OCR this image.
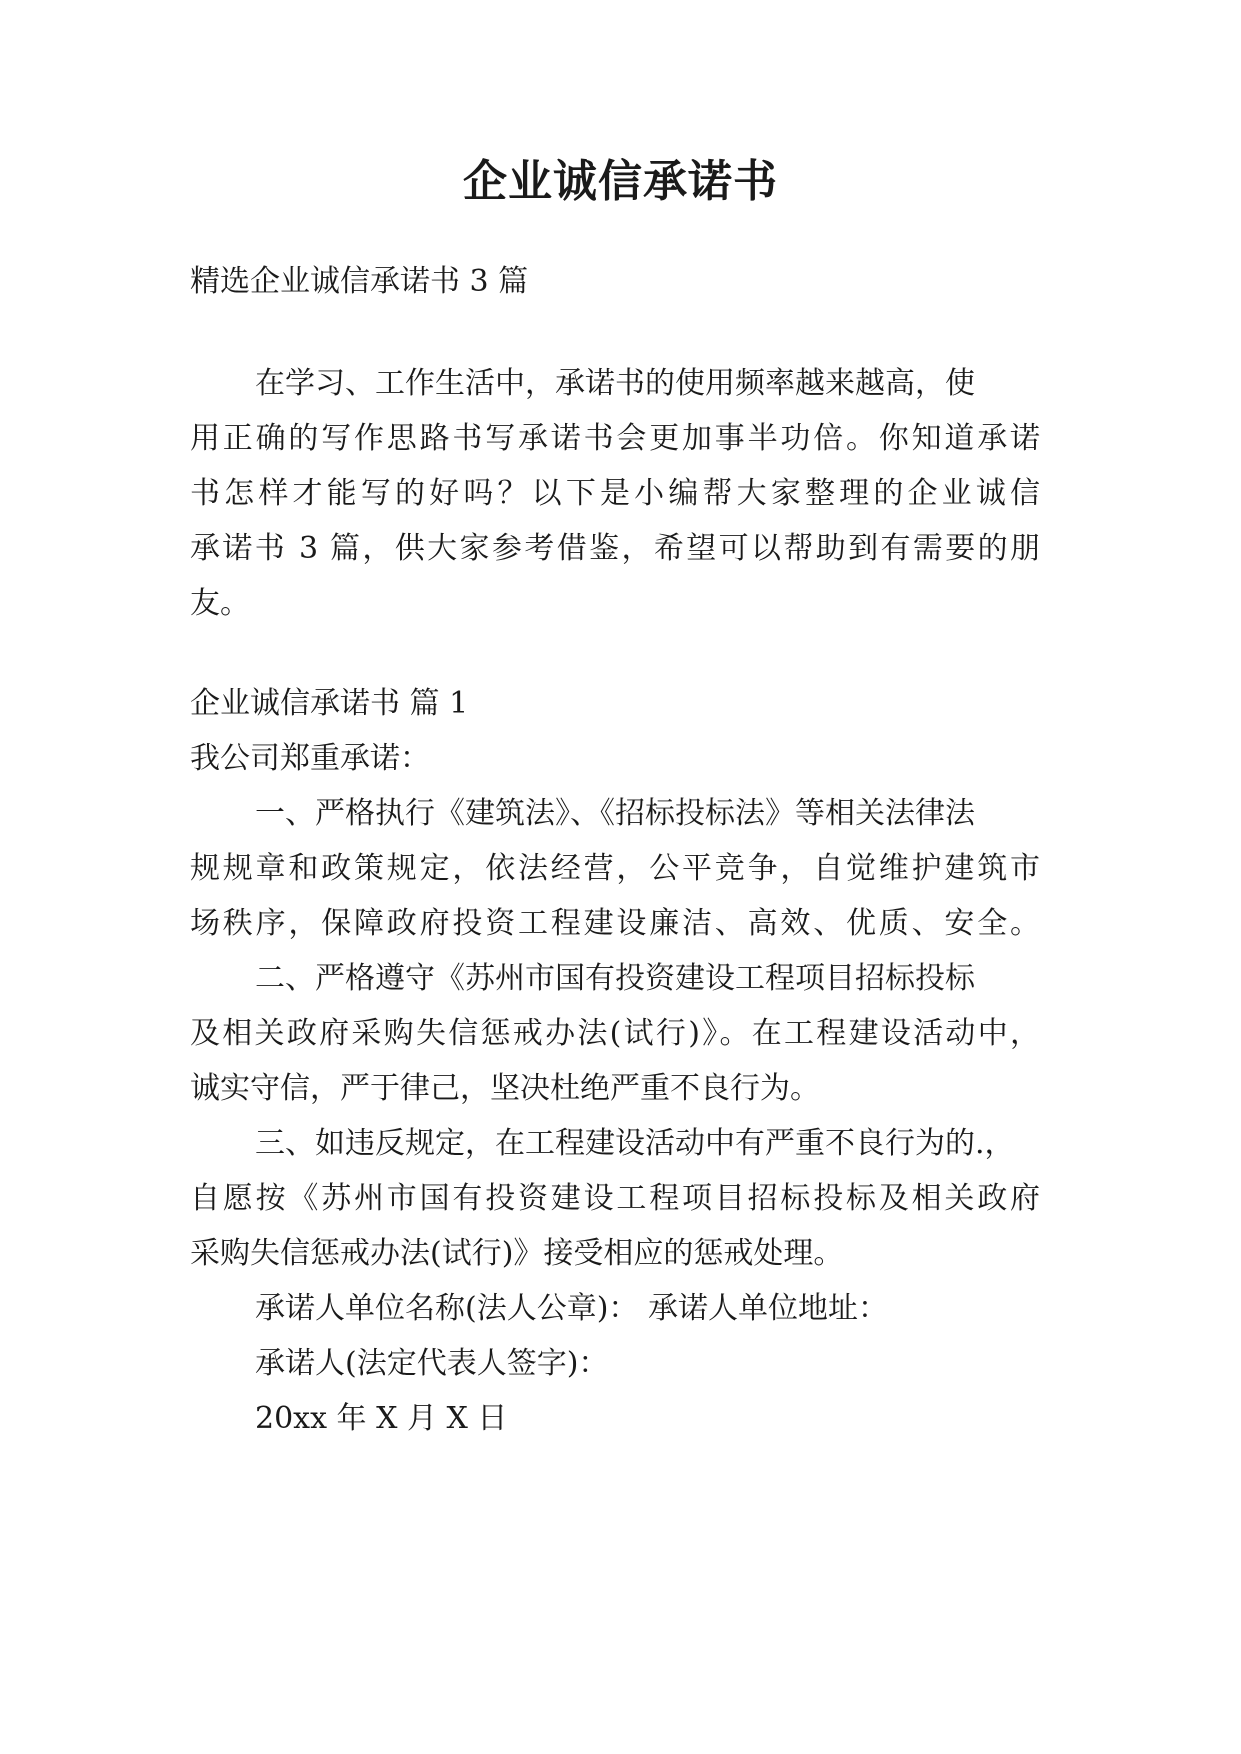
企业诚信承诺书
精选企业诚信承诺书 3 篇
在学习、工作生活中，承诺书的使用频率越来越高，使
用正确的写作思路书写承诺书会更加事半功倍。你知道承诺
书怎样才能写的好吗？以下是小编帮大家整理的企业诚信
承诺书 3 篇，供大家参考借鉴，希望可以帮助到有需要的朋
友。
企业诚信承诺书 篇 1
我公司郑重承诺：
一、严格执行《建筑法》、《招标投标法》等相关法律法
规规章和政策规定，依法经营，公平竞争，自觉维护建筑市
场秩序，保障政府投资工程建设廉洁、高效、优质、安全。
二、严格遵守《苏州市国有投资建设工程项目招标投标
及相关政府采购失信惩戒办法(试行)》。在工程建设活动中，
诚实守信，严于律己，坚决杜绝严重不良行为。
三、如违反规定，在工程建设活动中有严重不良行为的.，
自愿按《苏州市国有投资建设工程项目招标投标及相关政府
采购失信惩戒办法(试行)》接受相应的惩戒处理。
承诺人单位名称(法人公章)： 承诺人单位地址：
承诺人(法定代表人签字)：
20xx 年 X 月 X 日
